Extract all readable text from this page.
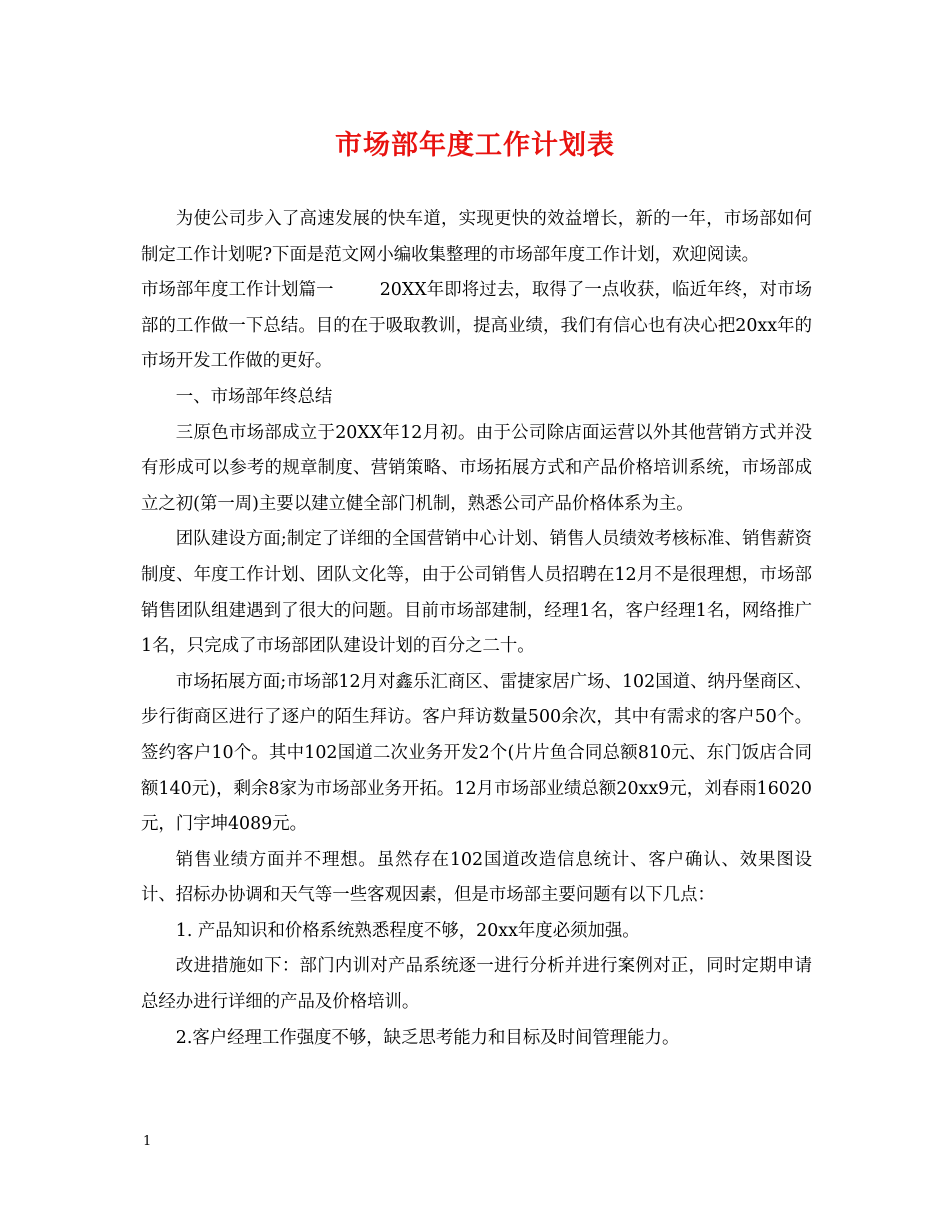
市场部年度工作计划表

为使公司步入了高速发展的快车道，实现更快的效益增长，新的一年，市场部如何制定工作计划呢?下面是范文网小编收集整理的市场部年度工作计划，欢迎阅读。

市场部年度工作计划篇一	20XX年即将过去，取得了一点收获，临近年终，对市场部的工作做一下总结。目的在于吸取教训，提高业绩，我们有信心也有决心把20xx年的市场开发工作做的更好。

一、市场部年终总结

三原色市场部成立于20XX年12月初。由于公司除店面运营以外其他营销方式并没有形成可以参考的规章制度、营销策略、市场拓展方式和产品价格培训系统，市场部成立之初(第一周)主要以建立健全部门机制，熟悉公司产品价格体系为主。

团队建设方面;制定了详细的全国营销中心计划、销售人员绩效考核标准、销售薪资制度、年度工作计划、团队文化等，由于公司销售人员招聘在12月不是很理想，市场部销售团队组建遇到了很大的问题。目前市场部建制，经理1名，客户经理1名，网络推广1名，只完成了市场部团队建设计划的百分之二十。

市场拓展方面;市场部12月对鑫乐汇商区、雷捷家居广场、102国道、纳丹堡商区、步行街商区进行了逐户的陌生拜访。客户拜访数量500余次，其中有需求的客户50个。签约客户10个。其中102国道二次业务开发2个(片片鱼合同总额810元、东门饭店合同额140元)，剩余8家为市场部业务开拓。12月市场部业绩总额20xx9元，刘春雨16020元，门宇坤4089元。

销售业绩方面并不理想。虽然存在102国道改造信息统计、客户确认、效果图设计、招标办协调和天气等一些客观因素，但是市场部主要问题有以下几点：

1. 产品知识和价格系统熟悉程度不够，20xx年度必须加强。

改进措施如下：部门内训对产品系统逐一进行分析并进行案例对正，同时定期申请总经办进行详细的产品及价格培训。

2.客户经理工作强度不够，缺乏思考能力和目标及时间管理能力。

1
